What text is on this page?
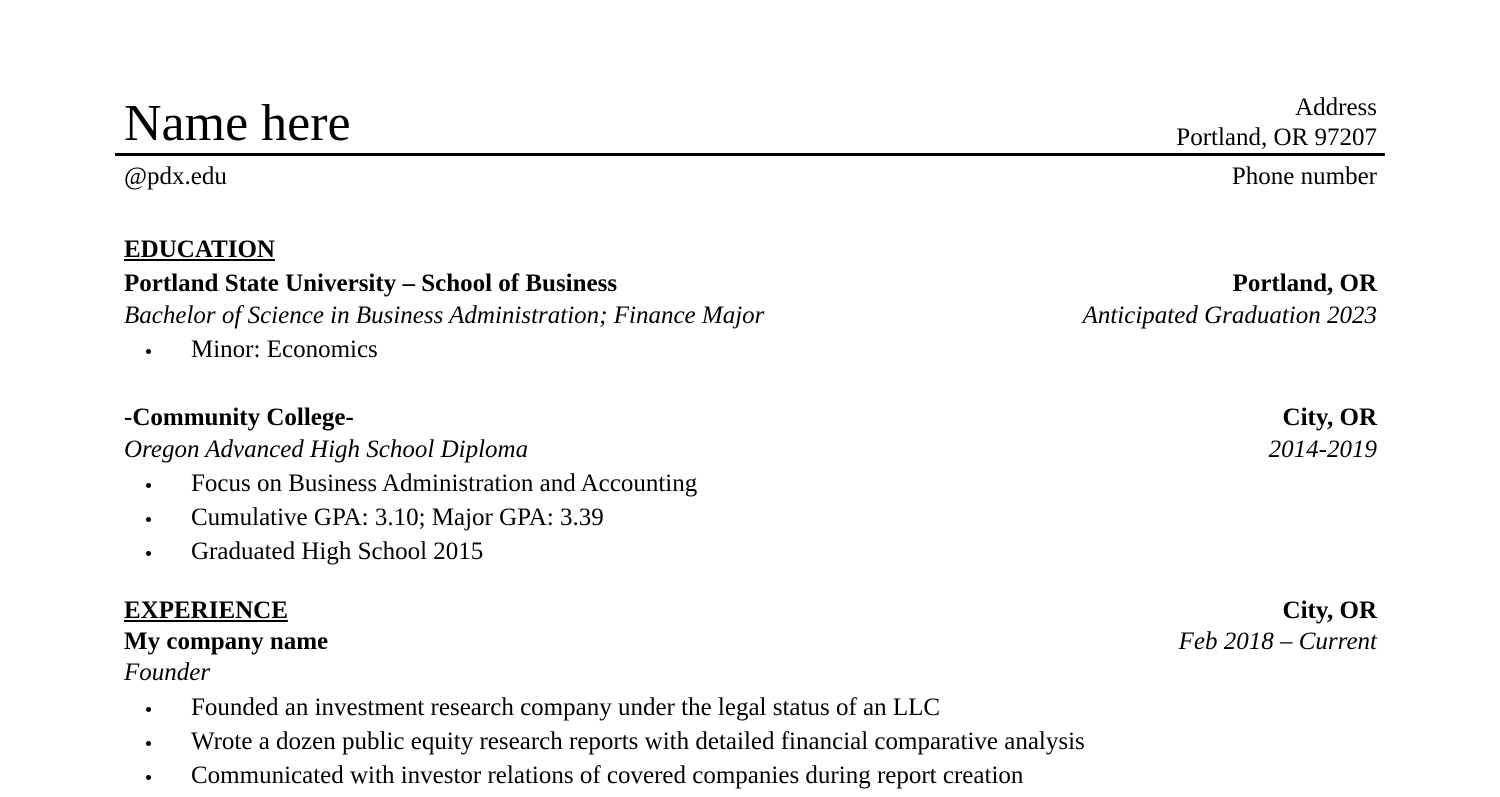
Name here	Address
Portland, OR 97207
@pdx.edu	Phone number
EDUCATION
Portland State University – School of Business	Portland, OR
Bachelor of Science in Business Administration; Finance Major	Anticipated Graduation 2023
Minor: Economics
-Community College-	City, OR
Oregon Advanced High School Diploma	2014-2019
Focus on Business Administration and Accounting
Cumulative GPA: 3.10; Major GPA: 3.39
Graduated High School 2015
EXPERIENCE	City, OR
My company name	Feb 2018 – Current
Founder
Founded an investment research company under the legal status of an LLC
Wrote a dozen public equity research reports with detailed financial comparative analysis
Communicated with investor relations of covered companies during report creation
